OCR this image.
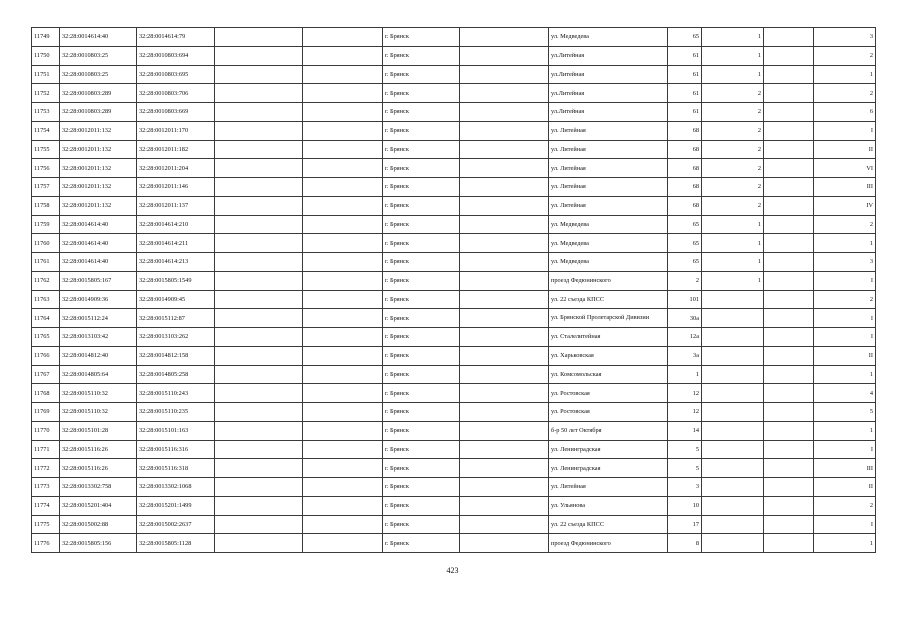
11749	32:28:0014614:40	32:28:0014614:79			г. Брянск		ул. Медведева	65	1		3
11750	32:28:0010803:25	32:28:0010803:694			г. Брянск		ул.Литейная	61	1		2
11751	32:28:0010803:25	32:28:0010803:695			г. Брянск		ул.Литейная	61	1		1
11752	32:28:0010803:289	32:28:0010803:706			г. Брянск		ул.Литейная	61	2		2
11753	32:28:0010803:289	32:28:0010803:669			г. Брянск		ул.Литейная	61	2		6
11754	32:28:0012011:132	32:28:0012011:170			г. Брянск		ул. Литейная	68	2		I
11755	32:28:0012011:132	32:28:0012011:182			г. Брянск		ул. Литейная	68	2		II
11756	32:28:0012011:132	32:28:0012011:204			г. Брянск		ул. Литейная	68	2		VI
11757	32:28:0012011:132	32:28:0012011:146			г. Брянск		ул. Литейная	68	2		III
11758	32:28:0012011:132	32:28:0012011:137			г. Брянск		ул. Литейная	68	2		IV
11759	32:28:0014614:40	32:28:0014614:210			г. Брянск		ул. Медведева	65	1		2
11760	32:28:0014614:40	32:28:0014614:211			г. Брянск		ул. Медведева	65	1		1
11761	32:28:0014614:40	32:28:0014614:213			г. Брянск		ул. Медведева	65	1		3
11762	32:28:0015805:167	32:28:0015805:1549			г. Брянск		проезд Федюнинского	2	1		I
11763	32:28:0014909:36	32:28:0014909:45			г. Брянск		ул. 22 съезда КПСС	101			2
11764	32:28:0015112:24	32:28:0015112:87			г. Брянск		ул. Брянской Пролетарской Дивизии	30а			I
11765	32:28:0013103:42	32:28:0013103:262			г. Брянск		ул. Сталелитейная	12а			I
11766	32:28:0014812:40	32:28:0014812:158			г. Брянск		ул. Харьковская	3а			II
11767	32:28:0014805:64	32:28:0014805:258			г. Брянск		ул. Комсомольская	1			1
11768	32:28:0015110:32	32:28:0015110:243			г. Брянск		ул. Ростовская	12			4
11769	32:28:0015110:32	32:28:0015110:235			г. Брянск		ул. Ростовская	12			5
11770	32:28:0015101:28	32:28:0015101:163			г. Брянск		б-р 50 лет Октября	14			1
11771	32:28:0015116:26	32:28:0015116:316			г. Брянск		ул. Ленинградская	5			I
11772	32:28:0015116:26	32:28:0015116:318			г. Брянск		ул. Ленинградская	5			III
11773	32:28:0013302:758	32:28:0013302:1068			г. Брянск		ул. Литейная	3			II
11774	32:28:0015201:404	32:28:0015201:1499			г. Брянск		ул. Ульянова	10			2
11775	32:28:0015002:88	32:28:0015002:2637			г. Брянск		ул. 22 съезда КПСС	17			I
11776	32:28:0015805:156	32:28:0015805:1128			г. Брянск		проезд Федюнинского	8			1
423
